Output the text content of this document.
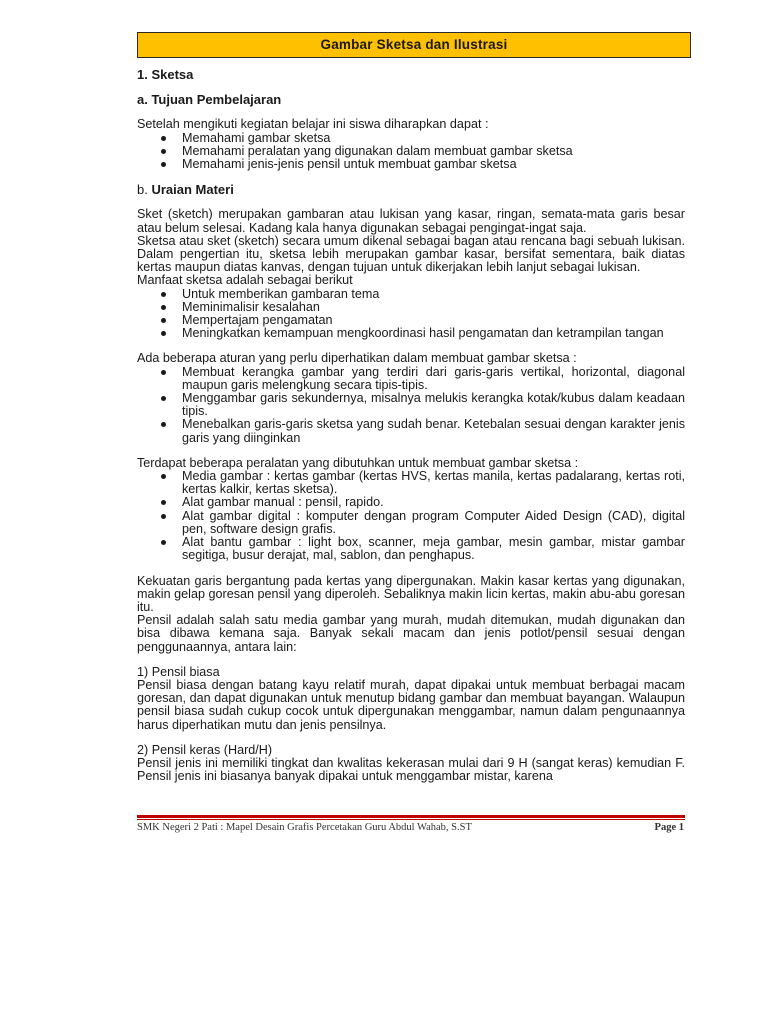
Gambar Sketsa dan Ilustrasi
1. Sketsa
a. Tujuan Pembelajaran
Setelah mengikuti kegiatan belajar ini siswa diharapkan dapat :
Memahami gambar sketsa
Memahami peralatan yang digunakan dalam membuat gambar sketsa
Memahami jenis-jenis pensil untuk membuat gambar sketsa
b. Uraian Materi
Sket (sketch) merupakan gambaran atau lukisan yang kasar, ringan, semata-mata garis besar atau belum selesai. Kadang kala hanya digunakan sebagai pengingat-ingat saja.
Sketsa atau sket (sketch) secara umum dikenal sebagai bagan atau rencana bagi sebuah lukisan. Dalam pengertian itu, sketsa lebih merupakan gambar kasar, bersifat sementara, baik diatas kertas maupun diatas kanvas, dengan tujuan untuk dikerjakan lebih lanjut sebagai lukisan.
Manfaat sketsa adalah sebagai berikut
Untuk memberikan gambaran tema
Meminimalisir kesalahan
Mempertajam pengamatan
Meningkatkan kemampuan mengkoordinasi hasil pengamatan dan ketrampilan tangan
Ada beberapa aturan yang perlu diperhatikan dalam membuat gambar sketsa :
Membuat kerangka gambar yang terdiri dari garis-garis vertikal, horizontal, diagonal maupun garis melengkung secara tipis-tipis.
Menggambar garis sekundernya, misalnya melukis kerangka kotak/kubus dalam keadaan tipis.
Menebalkan garis-garis sketsa yang sudah benar. Ketebalan sesuai dengan karakter jenis garis yang diinginkan
Terdapat beberapa peralatan yang dibutuhkan untuk membuat gambar sketsa :
Media gambar : kertas gambar (kertas HVS, kertas manila, kertas padalarang, kertas roti, kertas kalkir, kertas sketsa).
Alat gambar manual : pensil, rapido.
Alat gambar digital : komputer dengan program Computer Aided Design (CAD), digital pen, software design grafis.
Alat bantu gambar : light box, scanner, meja gambar, mesin gambar, mistar gambar segitiga, busur derajat, mal, sablon, dan penghapus.
Kekuatan garis bergantung pada kertas yang dipergunakan. Makin kasar kertas yang digunakan, makin gelap goresan pensil yang diperoleh. Sebaliknya makin licin kertas, makin abu-abu goresan itu.
Pensil adalah salah satu media gambar yang murah, mudah ditemukan, mudah digunakan dan bisa dibawa kemana saja. Banyak sekali macam dan jenis potlot/pensil sesuai dengan penggunaannya, antara lain:
1) Pensil biasa
Pensil biasa dengan batang kayu relatif murah, dapat dipakai untuk membuat berbagai macam goresan, dan dapat digunakan untuk menutup bidang gambar dan membuat bayangan. Walaupun pensil biasa sudah cukup cocok untuk dipergunakan menggambar, namun dalam pengunaannya harus diperhatikan mutu dan jenis pensilnya.
2) Pensil keras (Hard/H)
Pensil jenis ini memiliki tingkat dan kwalitas kekerasan mulai dari 9 H (sangat keras) kemudian F. Pensil jenis ini biasanya banyak dipakai untuk menggambar mistar, karena
SMK Negeri 2 Pati : Mapel Desain Grafis Percetakan Guru Abdul Wahab, S.ST	Page 1
